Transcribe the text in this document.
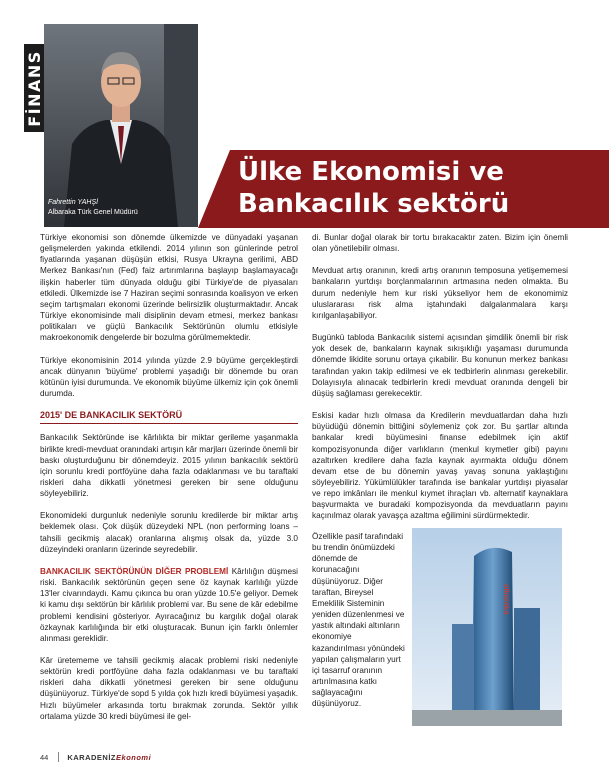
FİNANS
Fahrettin YAHŞİ
Albaraka Türk Genel Müdürü
Ülke Ekonomisi ve
Bankacılık sektörü

Türkiye ekonomisi son dönemde ülkemizde ve dünyadaki yaşanan gelişmelerden yakında etkilendi. 2014 yılının son günlerinde petrol fiyatlarında yaşanan düşüşün etkisi, Rusya Ukrayna gerilimi, ABD Merkez Bankası'nın (Fed) faiz artırımlarına başlayıp başlamayacağı ilişkin haberler tüm dünyada olduğu gibi Türkiye'de de piyasaları etkiledi. Ülkemizde ise 7 Haziran seçimi sonrasında koalisyon ve erken seçim tartışmaları ekonomi üzerinde belirsizlik oluşturmaktadır. Ancak Türkiye ekonomisinde mali disiplinin devam etmesi, merkez bankası politikaları ve güçlü Bankacılık Sektörünün olumlu etkisiyle makroekonomik dengelerde bir bozulma görülmemektedir.

Türkiye ekonomisinin 2014 yılında yüzde 2.9 büyüme gerçekleştirdi ancak dünyanın 'büyüme' problemi yaşadığı bir dönemde bu oran kötünün iyisi durumunda. Ve ekonomik büyüme ülkemiz için çok önemli durumda.

2015' DE BANKACILIK SEKTÖRÜ

Bankacılık Sektöründe ise kârlılıkta bir miktar gerileme yaşanmakla birlikte kredi-mevduat oranındaki artışın kâr marjları üzerinde önemli bir baskı oluşturduğunu bir dönemdeyiz. 2015 yılının bankacılık sektörü için sorunlu kredi portföyüne daha fazla odaklanması ve bu taraftaki riskleri daha dikkatli yönetmesi gereken bir sene olduğunu söyleyebiliriz.

Ekonomideki durgunluk nedeniyle sorunlu kredilerde bir miktar artış beklemek olası. Çok düşük düzeydeki NPL (non performing loans – tahsili gecikmiş alacak) oranlarına alışmış olsak da, yüzde 3.0 düzeyindeki oranların üzerinde seyredebilir.

BANKACILIK SEKTÖRÜNÜN DİĞER PROBLEMİ Kârlılığın düşmesi riski. Bankacılık sektörünün geçen sene öz kaynak karlılığı yüzde 13'ler civarındaydı. Kamu çıkınca bu oran yüzde 10.5'e geliyor. Demek ki kamu dışı sektörün bir kârlılık problemi var. Bu sene de kâr edebilme problemi kendisini gösteriyor. Ayıracağınız bu kargılık doğal olarak özkaynak karlılığında bir etki oluşturacak. Bunun için farklı önlemler alınması gereklidir.

Kâr üretememe ve tahsili gecikmiş alacak problemi riski nedeniyle sektörün kredi portföyüne daha fazla odaklanması ve bu taraftaki riskleri daha dikkatli yönetmesi gereken bir sene olduğunu düşünüyoruz. Türkiye'de sopd 5 yılda çok hızlı kredi büyümesi yaşadık. Hızlı büyümeler arkasında tortu bırakmak zorunda. Sektör yıllık ortalama yüzde 30 kredi büyümesi ile gel-

di. Bunlar doğal olarak bir tortu bırakacaktır zaten. Bizim için önemli olan yönetilebilir olması.

Mevduat artış oranının, kredi artış oranının temposuna yetişememesi bankaların yurtdışı borçlanmalarının artmasına neden olmakta. Bu durum nedeniyle hem kur riski yükseliyor hem de ekonomimiz uluslararası risk alma iştahındaki dalgalanmalara karşı kırılganlaşabiliyor.

Bugünkü tabloda Bankacılık sistemi açısından şimdilik önemli bir risk yok desek de, bankaların kaynak sıkışıklığı yaşaması durumunda dönemde likidite sorunu ortaya çıkabilir. Bu konunun merkez bankası tarafından yakın takip edilmesi ve ek tedbirlerin alınması gerekebilir. Dolayısıyla alınacak tedbirlerin kredi mevduat oranında dengeli bir düşüş sağlaması gerekecektir.

Eskisi kadar hızlı olmasa da Kredilerin mevduatlardan daha hızlı büyüdüğü dönemin bittiğini söylemeniz çok zor. Bu şartlar altında bankalar kredi büyümesini finanse edebilmek için aktif kompozisyonunda diğer varlıkların (menkul kıymetler gibi) payını azaltırken kredilere daha fazla kaynak ayırmakta olduğu dönem devam etse de bu dönemin yavaş yavaş sonuna yaklaştığını söyleyebiliriz. Yükümlülükler tarafında ise bankalar yurtdışı piyasalar ve repo imkânları ile menkul kıymet ihraçları vb. alternatif kaynaklara başvurmakta ve buradaki kompozisyonda da mevduatların payını kaçınılmaz olarak yavaşça azaltma eğilimini sürdürmektedir.

Özellikle pasif tarafındaki bu trendin önümüzdeki dönemde de korunacağını düşünüyoruz. Diğer taraftan, Bireysel Emeklilik Sisteminin yeniden düzenlenmesi ve yastık altındaki altınların ekonomiye kazandırılması yönündeki yapılan çalışmaların yurt içi tasarruf oranının artırılmasına katkı sağlayacağını düşünüyoruz.
albaraka
44	KARADENİZEkonomi
